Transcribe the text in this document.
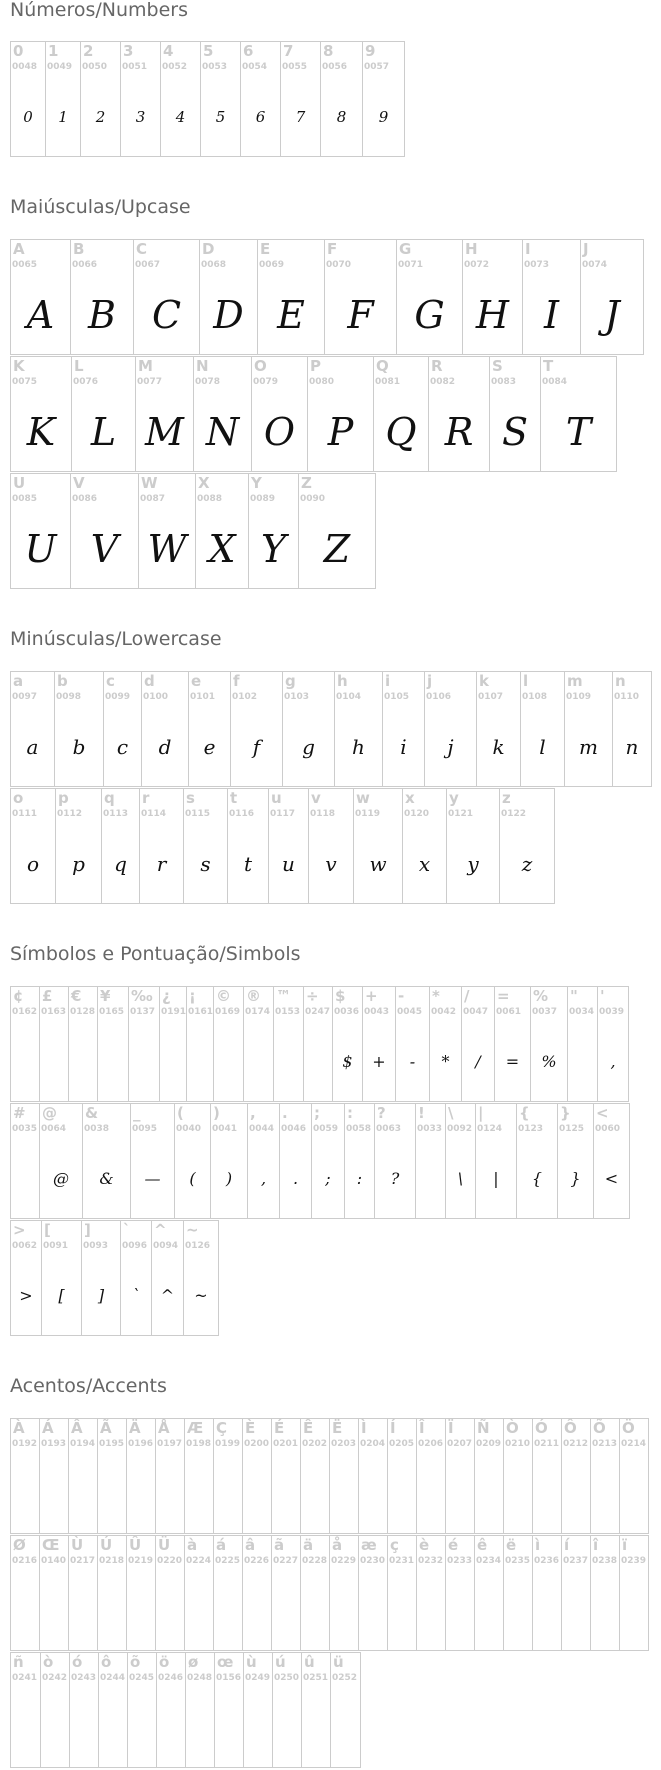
Números/Numbers
Maiúsculas/Upcase
Minúsculas/Lowercase
Símbolos e Pontuação/Simbols
Acentos/Accents
0
0048
0
1
0049
1
2
0050
2
3
0051
3
4
0052
4
5
0053
5
6
0054
6
7
0055
7
8
0056
8
9
0057
9
A
0065
A
B
0066
B
C
0067
C
D
0068
D
E
0069
E
F
0070
F
G
0071
G
H
0072
H
I
0073
I
J
0074
J
K
0075
K
L
0076
L
M
0077
M
N
0078
N
O
0079
O
P
0080
P
Q
0081
Q
R
0082
R
S
0083
S
T
0084
T
U
0085
U
V
0086
V
W
0087
W
X
0088
X
Y
0089
Y
Z
0090
Z
a
0097
a
b
0098
b
c
0099
c
d
0100
d
e
0101
e
f
0102
f
g
0103
g
h
0104
h
i
0105
i
j
0106
j
k
0107
k
l
0108
l
m
0109
m
n
0110
n
o
0111
o
p
0112
p
q
0113
q
r
0114
r
s
0115
s
t
0116
t
u
0117
u
v
0118
v
w
0119
w
x
0120
x
y
0121
y
z
0122
z
¢
0162
£
0163
€
0128
¥
0165
‰
0137
¿
0191
¡
0161
©
0169
®
0174
™
0153
÷
0247
$
0036
$
+
0043
+
-
0045
-
*
0042
*
/
0047
/
=
0061
=
%
0037
%
"
0034
'
0039
,
#
0035
@
0064
@
&
0038
&
_
0095
—
(
0040
(
)
0041
)
,
0044
,
.
0046
.
;
0059
;
:
0058
:
?
0063
?
!
0033
\
0092
\
|
0124
|
{
0123
{
}
0125
}
<
0060
<
>
0062
>
[
0091
[
]
0093
]
`
0096
`
^
0094
^
~
0126
~
À
0192
Á
0193
Â
0194
Ã
0195
Ä
0196
Å
0197
Æ
0198
Ç
0199
È
0200
É
0201
Ê
0202
Ë
0203
Ì
0204
Í
0205
Î
0206
Ï
0207
Ñ
0209
Ò
0210
Ó
0211
Ô
0212
Õ
0213
Ö
0214
Ø
0216
Œ
0140
Ù
0217
Ú
0218
Û
0219
Ü
0220
à
0224
á
0225
â
0226
ã
0227
ä
0228
å
0229
æ
0230
ç
0231
è
0232
é
0233
ê
0234
ë
0235
ì
0236
í
0237
î
0238
ï
0239
ñ
0241
ò
0242
ó
0243
ô
0244
õ
0245
ö
0246
ø
0248
œ
0156
ù
0249
ú
0250
û
0251
ü
0252
